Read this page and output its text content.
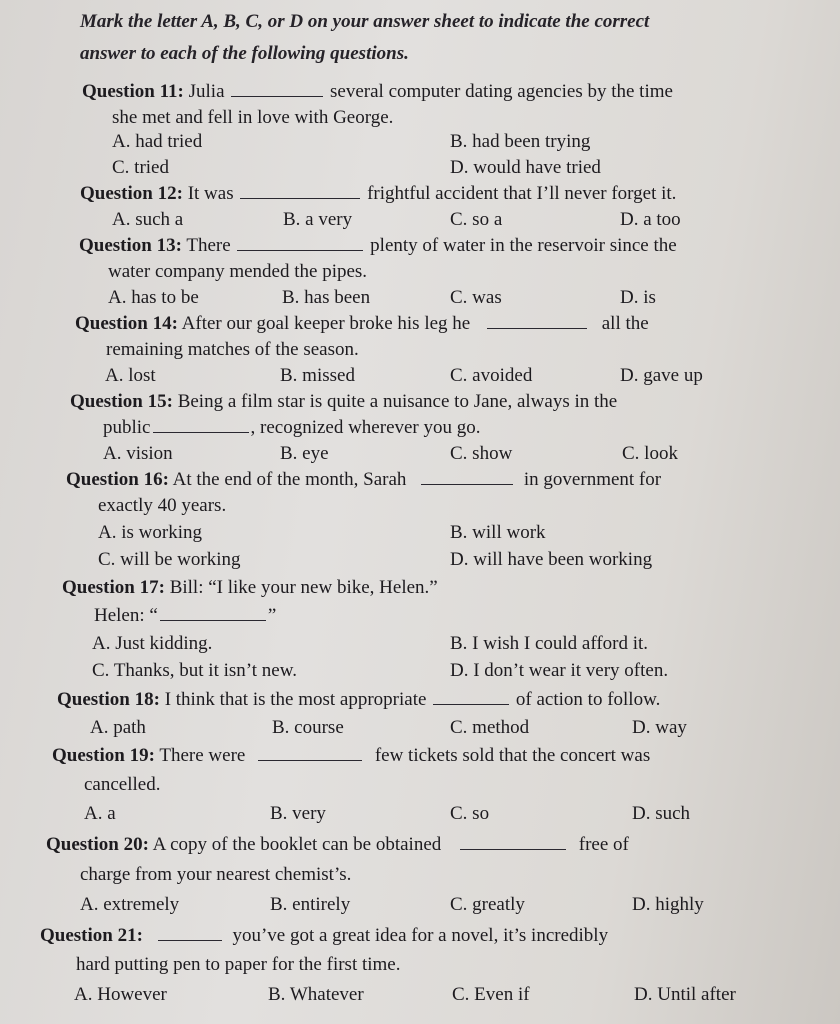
Mark the letter A, B, C, or D on your answer sheet to indicate the correct
answer to each of the following questions.
Question 11: Julia	several computer dating agencies by the time
she met and fell in love with George.
A. had tried	B. had been trying
C. tried	D. would have tried
Question 12: It was	frightful accident that I’ll never forget it.
A. such a	B. a very	C. so a	D. a too
Question 13: There	plenty of water in the reservoir since the
water company mended the pipes.
A. has to be	B. has been	C. was	D. is
Question 14: After our goal keeper broke his leg he	all the
remaining matches of the season.
A. lost	B. missed	C. avoided	D. gave up
Question 15: Being a film star is quite a nuisance to Jane, always in the
public	, recognized wherever you go.
A. vision	B. eye	C. show	C. look
Question 16: At the end of the month, Sarah	in government for
exactly 40 years.
A. is working	B. will work
C. will be working	D. will have been working
Question 17: Bill: “I like your new bike, Helen.”
Helen: “	”
A. Just kidding.	B. I wish I could afford it.
C. Thanks, but it isn’t new.	D. I don’t wear it very often.
Question 18: I think that is the most appropriate	of action to follow.
A. path	B. course	C. method	D. way
Question 19: There were	few tickets sold that the concert was
cancelled.
A. a	B. very	C. so	D. such
Question 20: A copy of the booklet can be obtained	free of
charge from your nearest chemist’s.
A. extremely	B. entirely	C. greatly	D. highly
Question 21:	you’ve got a great idea for a novel, it’s incredibly
hard putting pen to paper for the first time.
A. However	B. Whatever	C. Even if	D. Until after
